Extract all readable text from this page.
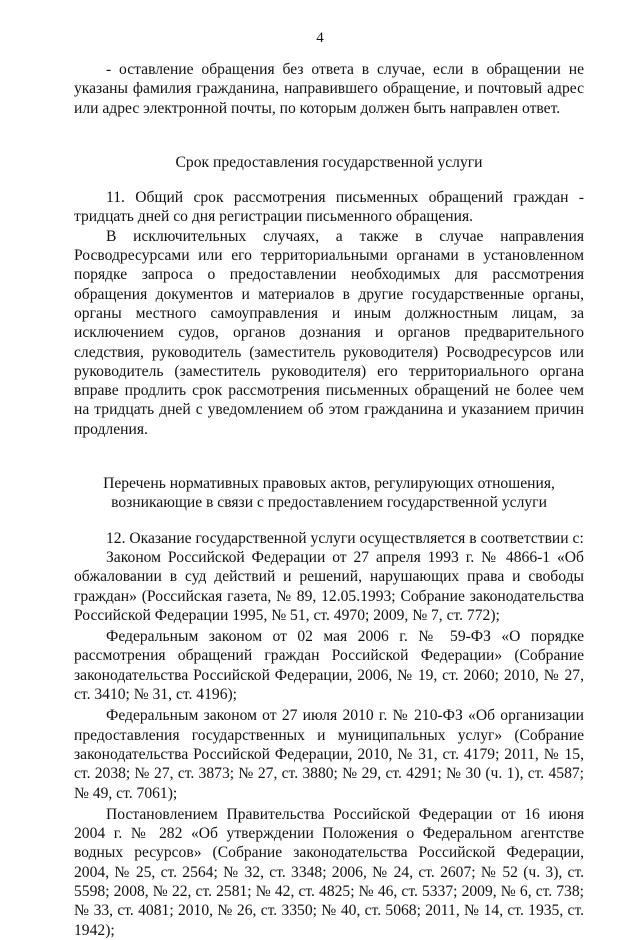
4

- оставление обращения без ответа в случае, если в обращении не указаны фамилия гражданина, направившего обращение, и почтовый адрес или адрес электронной почты, по которым должен быть направлен ответ.

Срок предоставления государственной услуги

11. Общий срок рассмотрения письменных обращений граждан - тридцать дней со дня регистрации письменного обращения.

В исключительных случаях, а также в случае направления Росводресурсами или его территориальными органами в установленном порядке запроса о предоставлении необходимых для рассмотрения обращения документов и материалов в другие государственные органы, органы местного самоуправления и иным должностным лицам, за исключением судов, органов дознания и органов предварительного следствия, руководитель (заместитель руководителя) Росводресурсов или руководитель (заместитель руководителя) его территориального органа вправе продлить срок рассмотрения письменных обращений не более чем на тридцать дней с уведомлением об этом гражданина и указанием причин продления.

Перечень нормативных правовых актов, регулирующих отношения,

возникающие в связи с предоставлением государственной услуги

12. Оказание государственной услуги осуществляется в соответствии с:

Законом Российской Федерации от 27 апреля 1993 г. № 4866-1 «Об обжаловании в суд действий и решений, нарушающих права и свободы граждан» (Российская газета, № 89, 12.05.1993; Собрание законодательства Российской Федерации 1995, № 51, ст. 4970; 2009, № 7, ст. 772);

Федеральным законом от 02 мая 2006 г. № 59-ФЗ «О порядке рассмотрения обращений граждан Российской Федерации» (Собрание законодательства Российской Федерации, 2006, № 19, ст. 2060; 2010, № 27, ст. 3410; № 31, ст. 4196);

Федеральным законом от 27 июля 2010 г. № 210-ФЗ «Об организации предоставления государственных и муниципальных услуг» (Собрание законодательства Российской Федерации, 2010, № 31, ст. 4179; 2011, № 15, ст. 2038; № 27, ст. 3873; № 27, ст. 3880; № 29, ст. 4291; № 30 (ч. 1), ст. 4587; № 49, ст. 7061);

Постановлением Правительства Российской Федерации от 16 июня 2004 г. № 282 «Об утверждении Положения о Федеральном агентстве водных ресурсов» (Собрание законодательства Российской Федерации, 2004, № 25, ст. 2564; № 32, ст. 3348; 2006, № 24, ст. 2607; № 52 (ч. 3), ст. 5598; 2008, № 22, ст. 2581; № 42, ст. 4825; № 46, ст. 5337; 2009, № 6, ст. 738; № 33, ст. 4081; 2010, № 26, ст. 3350; № 40, ст. 5068; 2011, № 14, ст. 1935, ст. 1942);
